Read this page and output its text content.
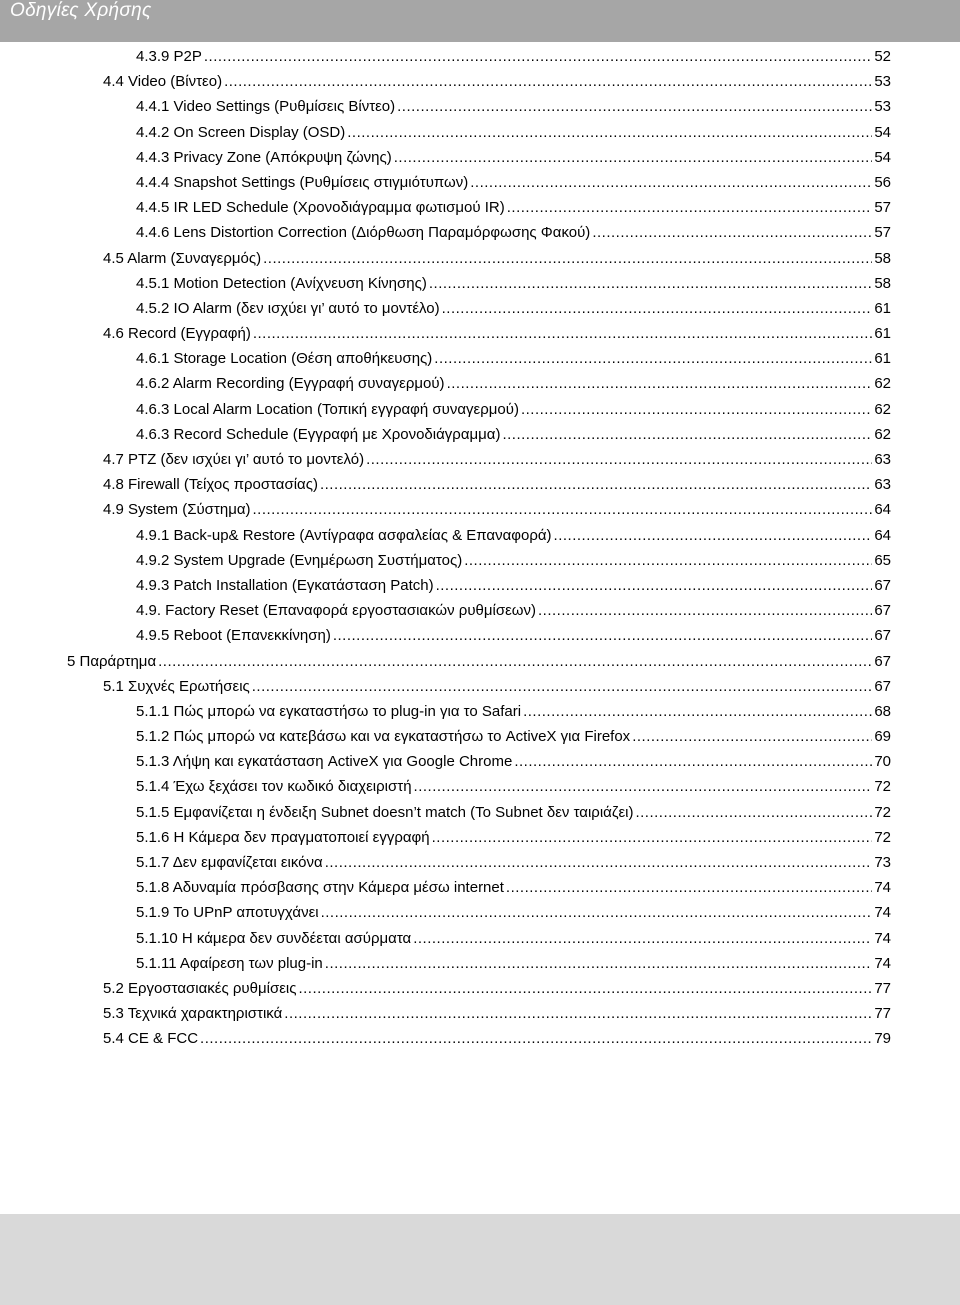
Οδηγίες Χρήσης
4.3.9 P2P .....	52
4.4 Video (Βίντεο) .....	53
4.4.1 Video Settings (Ρυθμίσεις Βίντεο) .....	53
4.4.2 On Screen Display (OSD) .....	54
4.4.3 Privacy Zone (Απόκρυψη ζώνης) .....	54
4.4.4 Snapshot Settings (Ρυθμίσεις στιγμιότυπων) .....	56
4.4.5 IR LED Schedule (Χρονοδιάγραμμα φωτισμού IR) .....	57
4.4.6 Lens Distortion Correction (Διόρθωση Παραμόρφωσης Φακού) .....	57
4.5 Alarm (Συναγερμός) .....	58
4.5.1 Motion Detection (Ανίχνευση Κίνησης) .....	58
4.5.2 IO Alarm (δεν ισχύει γι’ αυτό το μοντέλο) .....	61
4.6 Record (Εγγραφή) .....	61
4.6.1 Storage Location (Θέση αποθήκευσης) .....	61
4.6.2 Alarm Recording (Εγγραφή συναγερμού) .....	62
4.6.3 Local Alarm Location (Τοπική εγγραφή συναγερμού) .....	62
4.6.3 Record Schedule (Εγγραφή με Χρονοδιάγραμμα) .....	62
4.7 PTZ (δεν ισχύει γι’ αυτό το μοντελό) .....	63
4.8 Firewall (Τείχος προστασίας) .....	63
4.9 System (Σύστημα) .....	64
4.9.1 Back-up& Restore (Αντίγραφα ασφαλείας & Επαναφορά) .....	64
4.9.2 System Upgrade (Ενημέρωση Συστήματος) .....	65
4.9.3 Patch Installation (Εγκατάσταση Patch) .....	67
4.9. Factory Reset (Επαναφορά εργοστασιακών ρυθμίσεων) .....	67
4.9.5 Reboot (Επανεκκίνηση) .....	67
5 Παράρτημα .....	67
5.1 Συχνές Ερωτήσεις .....	67
5.1.1 Πώς μπορώ να εγκαταστήσω το plug-in για το Safari .....	68
5.1.2 Πώς μπορώ να κατεβάσω και να εγκαταστήσω το ActiveX για Firefox .....	69
5.1.3 Λήψη και εγκατάσταση ActiveX για Google Chrome .....	70
5.1.4 Έχω ξεχάσει τον κωδικό διαχειριστή .....	72
5.1.5 Εμφανίζεται η ένδειξη Subnet doesn’t match (Το Subnet δεν ταιριάζει) .....	72
5.1.6 Η Κάμερα δεν πραγματοποιεί εγγραφή .....	72
5.1.7 Δεν εμφανίζεται εικόνα .....	73
5.1.8 Αδυναμία πρόσβασης στην Κάμερα μέσω internet .....	74
5.1.9 Το UPnP αποτυγχάνει .....	74
5.1.10 Η κάμερα δεν συνδέεται ασύρματα .....	74
5.1.11 Αφαίρεση των plug-in .....	74
5.2 Εργοστασιακές ρυθμίσεις .....	77
5.3 Τεχνικά χαρακτηριστικά .....	77
5.4 CE & FCC .....	79
